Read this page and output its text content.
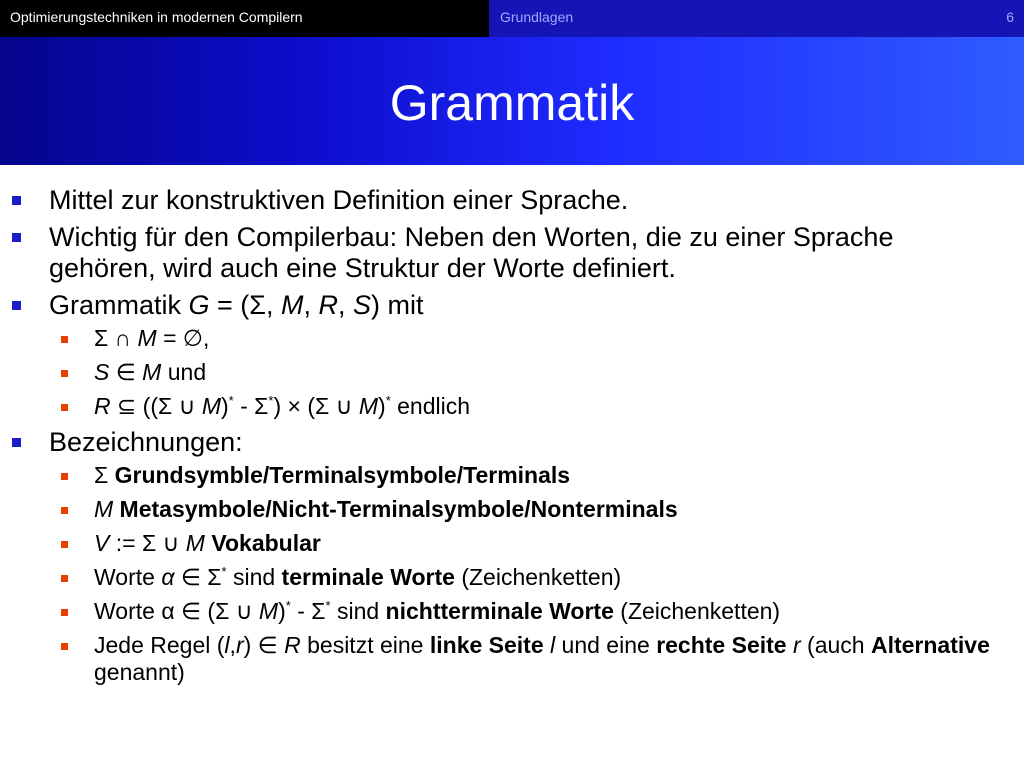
Optimierungstechniken in modernen Compilern	Grundlagen	6
Grammatik
Mittel zur konstruktiven Definition einer Sprache.
Wichtig für den Compilerbau: Neben den Worten, die zu einer Sprache gehören, wird auch eine Struktur der Worte definiert.
Grammatik G = (Σ, M, R, S) mit
Σ ∩ M = ∅,
S ∈ M und
R ⊆ ((Σ ∪ M)* - Σ*) × (Σ ∪ M)* endlich
Bezeichnungen:
Σ Grundsymble/Terminalsymbole/Terminals
M Metasymbole/Nicht-Terminalsymbole/Nonterminals
V := Σ ∪ M Vokabular
Worte α ∈ Σ* sind terminale Worte (Zeichenketten)
Worte α ∈ (Σ ∪ M)* - Σ* sind nichtterminale Worte (Zeichenketten)
Jede Regel (l,r) ∈ R besitzt eine linke Seite l und eine rechte Seite r (auch Alternative genannt)
